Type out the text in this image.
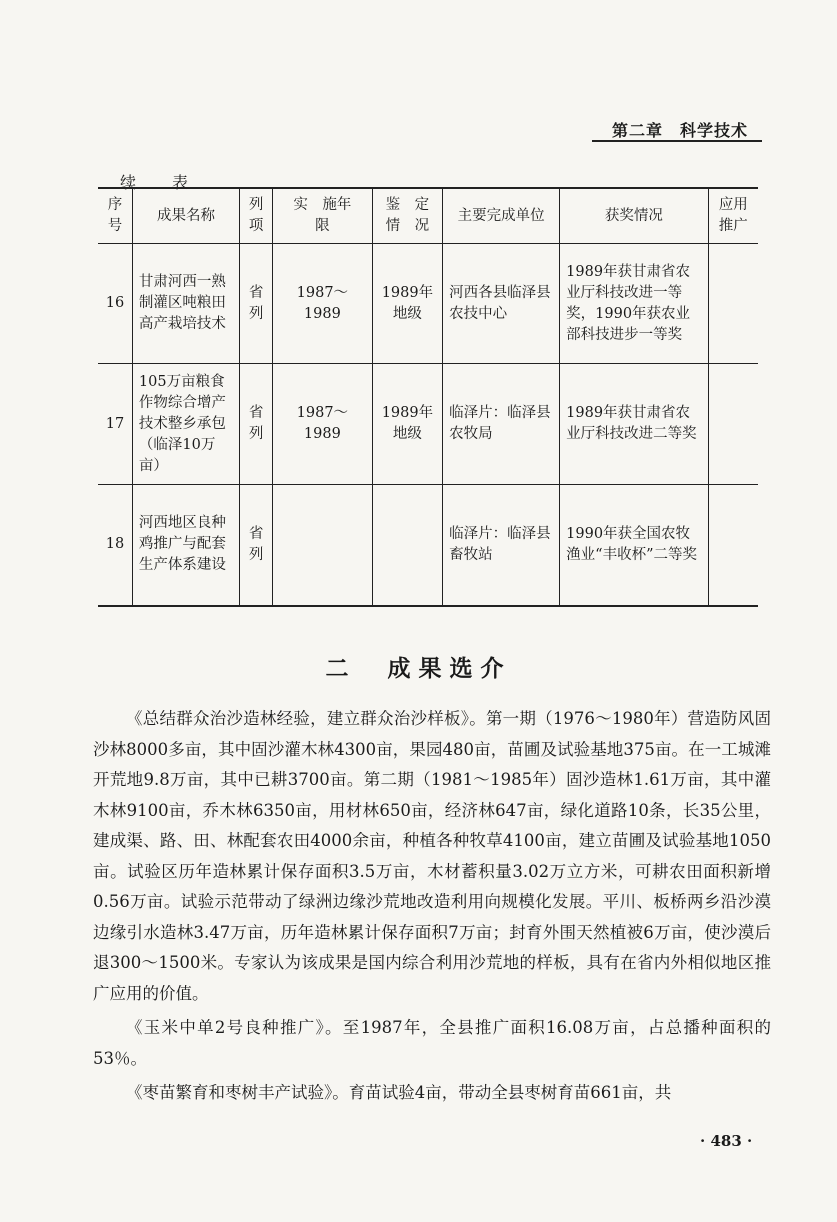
第二章　科学技术
续　表
序号	成果名称	列项	实　施年　限	鉴　定情　况	主要完成单位	获奖情况	应用推广
16	甘肃河西一熟制灌区吨粮田高产栽培技术	省列	1987～1989	1989年地级	河西各县临泽县农技中心	1989年获甘肃省农业厅科技改进一等奖，1990年获农业部科技进步一等奖	
17	105万亩粮食作物综合增产技术整乡承包（临泽10万亩）	省列	1987～1989	1989年地级	临泽片：临泽县农牧局	1989年获甘肃省农业厅科技改进二等奖	
18	河西地区良种鸡推广与配套生产体系建设	省列			临泽片：临泽县畜牧站	1990年获全国农牧渔业“丰收杯”二等奖	
二　成果选介

《总结群众治沙造林经验，建立群众治沙样板》。第一期（1976～1980年）营造防风固沙林8000多亩，其中固沙灌木林4300亩，果园480亩，苗圃及试验基地375亩。在一工城滩开荒地9.8万亩，其中已耕3700亩。第二期（1981～1985年）固沙造林1.61万亩，其中灌木林9100亩，乔木林6350亩，用材林650亩，经济林647亩，绿化道路10条，长35公里，建成渠、路、田、林配套农田4000余亩，种植各种牧草4100亩，建立苗圃及试验基地1050亩。试验区历年造林累计保存面积3.5万亩，木材蓄积量3.02万立方米，可耕农田面积新增0.56万亩。试验示范带动了绿洲边缘沙荒地改造利用向规模化发展。平川、板桥两乡沿沙漠边缘引水造林3.47万亩，历年造林累计保存面积7万亩；封育外围天然植被6万亩，使沙漠后退300～1500米。专家认为该成果是国内综合利用沙荒地的样板，具有在省内外相似地区推广应用的价值。

《玉米中单2号良种推广》。至1987年，全县推广面积16.08万亩，占总播种面积的53％。

《枣苗繁育和枣树丰产试验》。育苗试验4亩，带动全县枣树育苗661亩，共

· 483 ·
